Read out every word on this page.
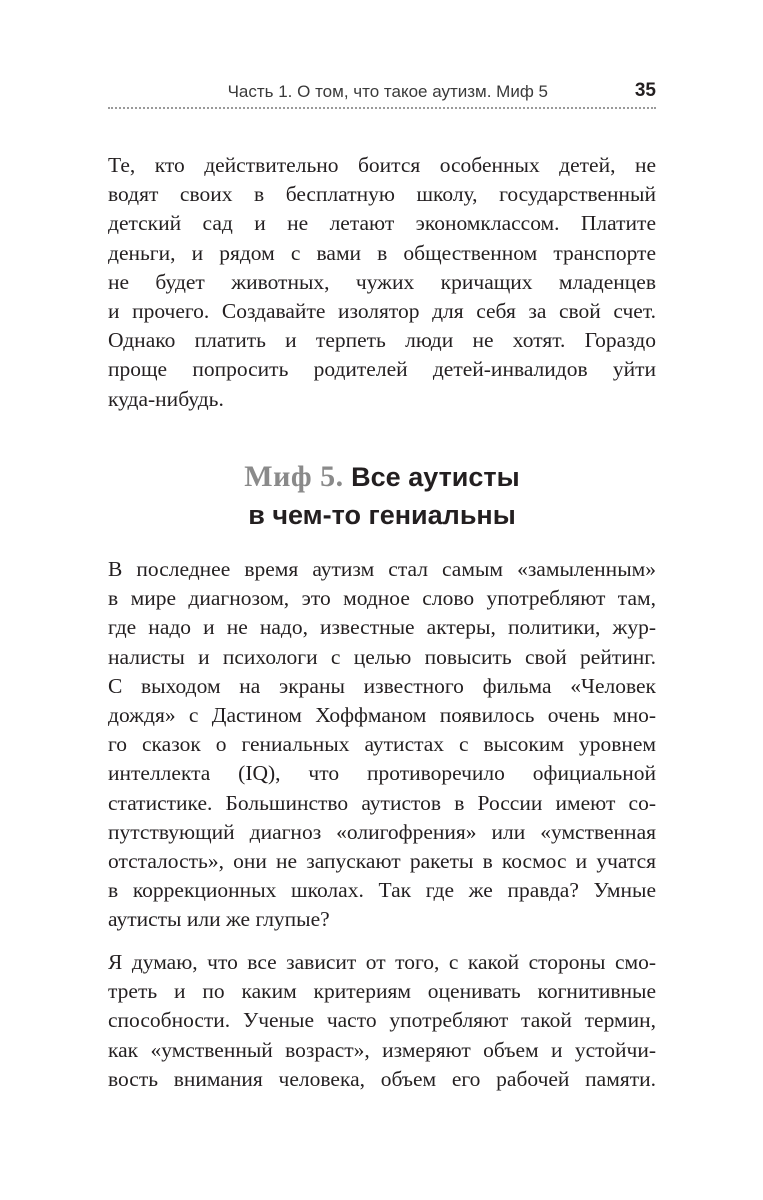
Часть 1. О том, что такое аутизм. Миф 5	35
Те, кто действительно боится особенных детей, не
водят своих в бесплатную школу, государственный
детский сад и не летают экономклассом. Платите
деньги, и рядом с вами в общественном транспорте
не будет животных, чужих кричащих младенцев
и прочего. Создавайте изолятор для себя за свой счет.
Однако платить и терпеть люди не хотят. Гораздо
проще попросить родителей детей-инвалидов уйти
куда-нибудь.
Миф 5. Все аутисты
в чем-то гениальны
В последнее время аутизм стал самым «замыленным»
в мире диагнозом, это модное слово употребляют там,
где надо и не надо, известные актеры, политики, жур-
налисты и психологи с целью повысить свой рейтинг.
С выходом на экраны известного фильма «Человек
дождя» с Дастином Хоффманом появилось очень мно-
го сказок о гениальных аутистах с высоким уровнем
интеллекта (IQ), что противоречило официальной
статистике. Большинство аутистов в России имеют со-
путствующий диагноз «олигофрения» или «умственная
отсталость», они не запускают ракеты в космос и учатся
в коррекционных школах. Так где же правда? Умные
аутисты или же глупые?
Я думаю, что все зависит от того, с какой стороны смо-
треть и по каким критериям оценивать когнитивные
способности. Ученые часто употребляют такой термин,
как «умственный возраст», измеряют объем и устойчи-
вость внимания человека, объем его рабочей памяти.
